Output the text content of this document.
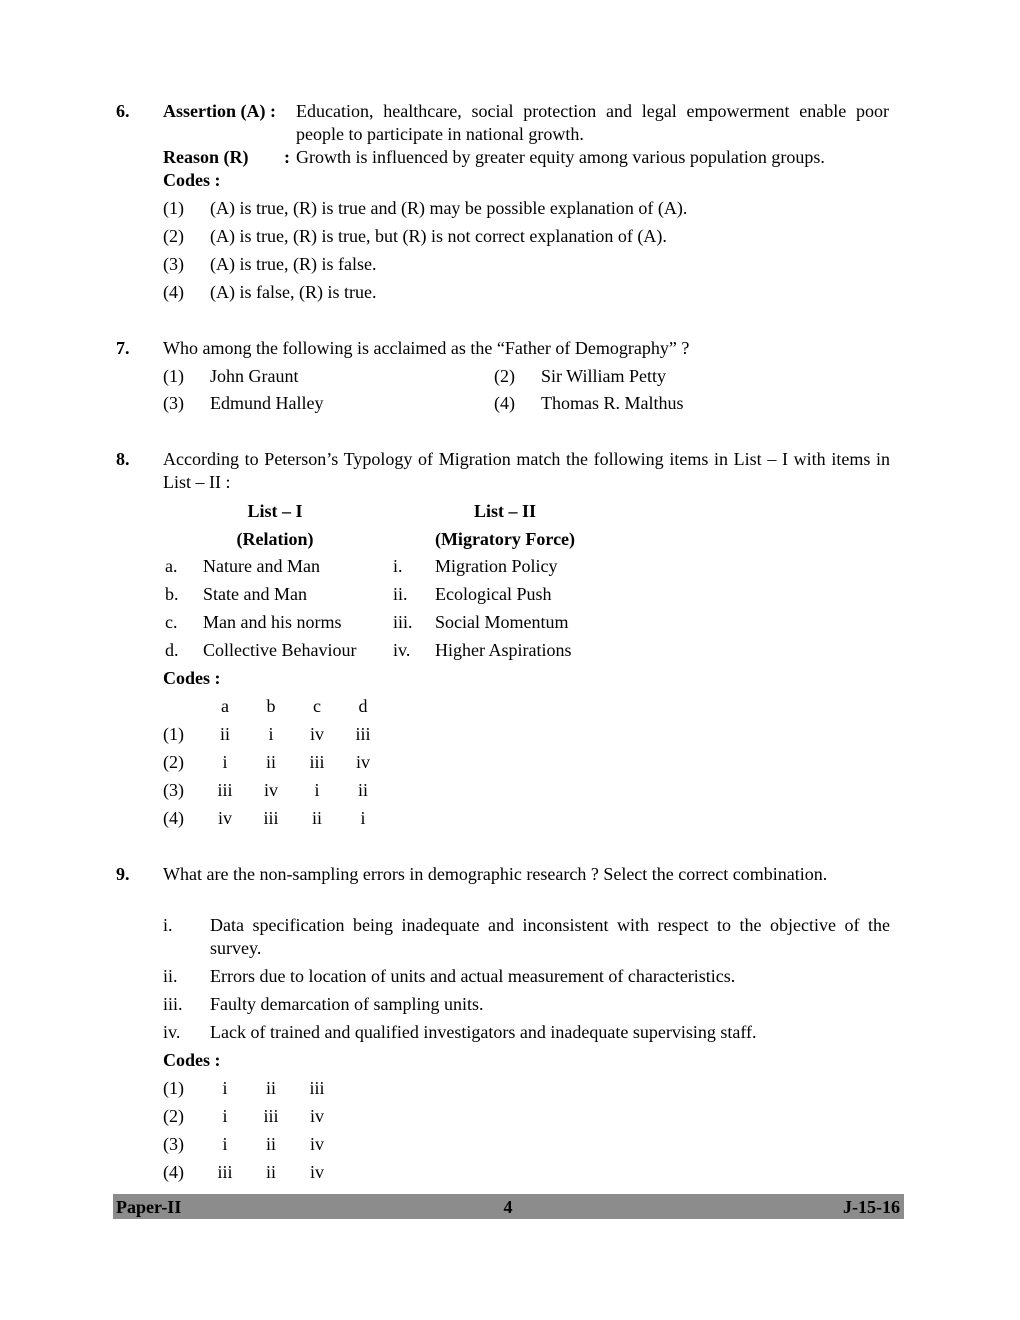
6. Assertion (A) : Education, healthcare, social protection and legal empowerment enable poor people to participate in national growth.
Reason (R) : Growth is influenced by greater equity among various population groups.
Codes :
(1) (A) is true, (R) is true and (R) may be possible explanation of (A).
(2) (A) is true, (R) is true, but (R) is not correct explanation of (A).
(3) (A) is true, (R) is false.
(4) (A) is false, (R) is true.
7. Who among the following is acclaimed as the “Father of Demography” ?
(1) John Graunt	(2) Sir William Petty
(3) Edmund Halley	(4) Thomas R. Malthus
8. According to Peterson’s Typology of Migration match the following items in List – I with items in List – II :
List – I
(Relation)
List – II
(Migratory Force)
a. Nature and Man	i. Migration Policy
b. State and Man	ii. Ecological Push
c. Man and his norms	iii. Social Momentum
d. Collective Behaviour iv. Higher Aspirations
Codes :
a	b	c	d
(1)	ii	i	iv	iii
(2)	i	ii	iii	iv
(3)	iii	iv	i	ii
(4)	iv	iii	ii	i
9. What are the non-sampling errors in demographic research ? Select the correct combination.
i. Data specification being inadequate and inconsistent with respect to the objective of the survey.
ii. Errors due to location of units and actual measurement of characteristics.
iii. Faulty demarcation of sampling units.
iv. Lack of trained and qualified investigators and inadequate supervising staff.
Codes :
(1)	i	ii	iii
(2)	i	iii	iv
(3)	i	ii	iv
(4)	iii	ii	iv
Paper-II	4	J-15-16
